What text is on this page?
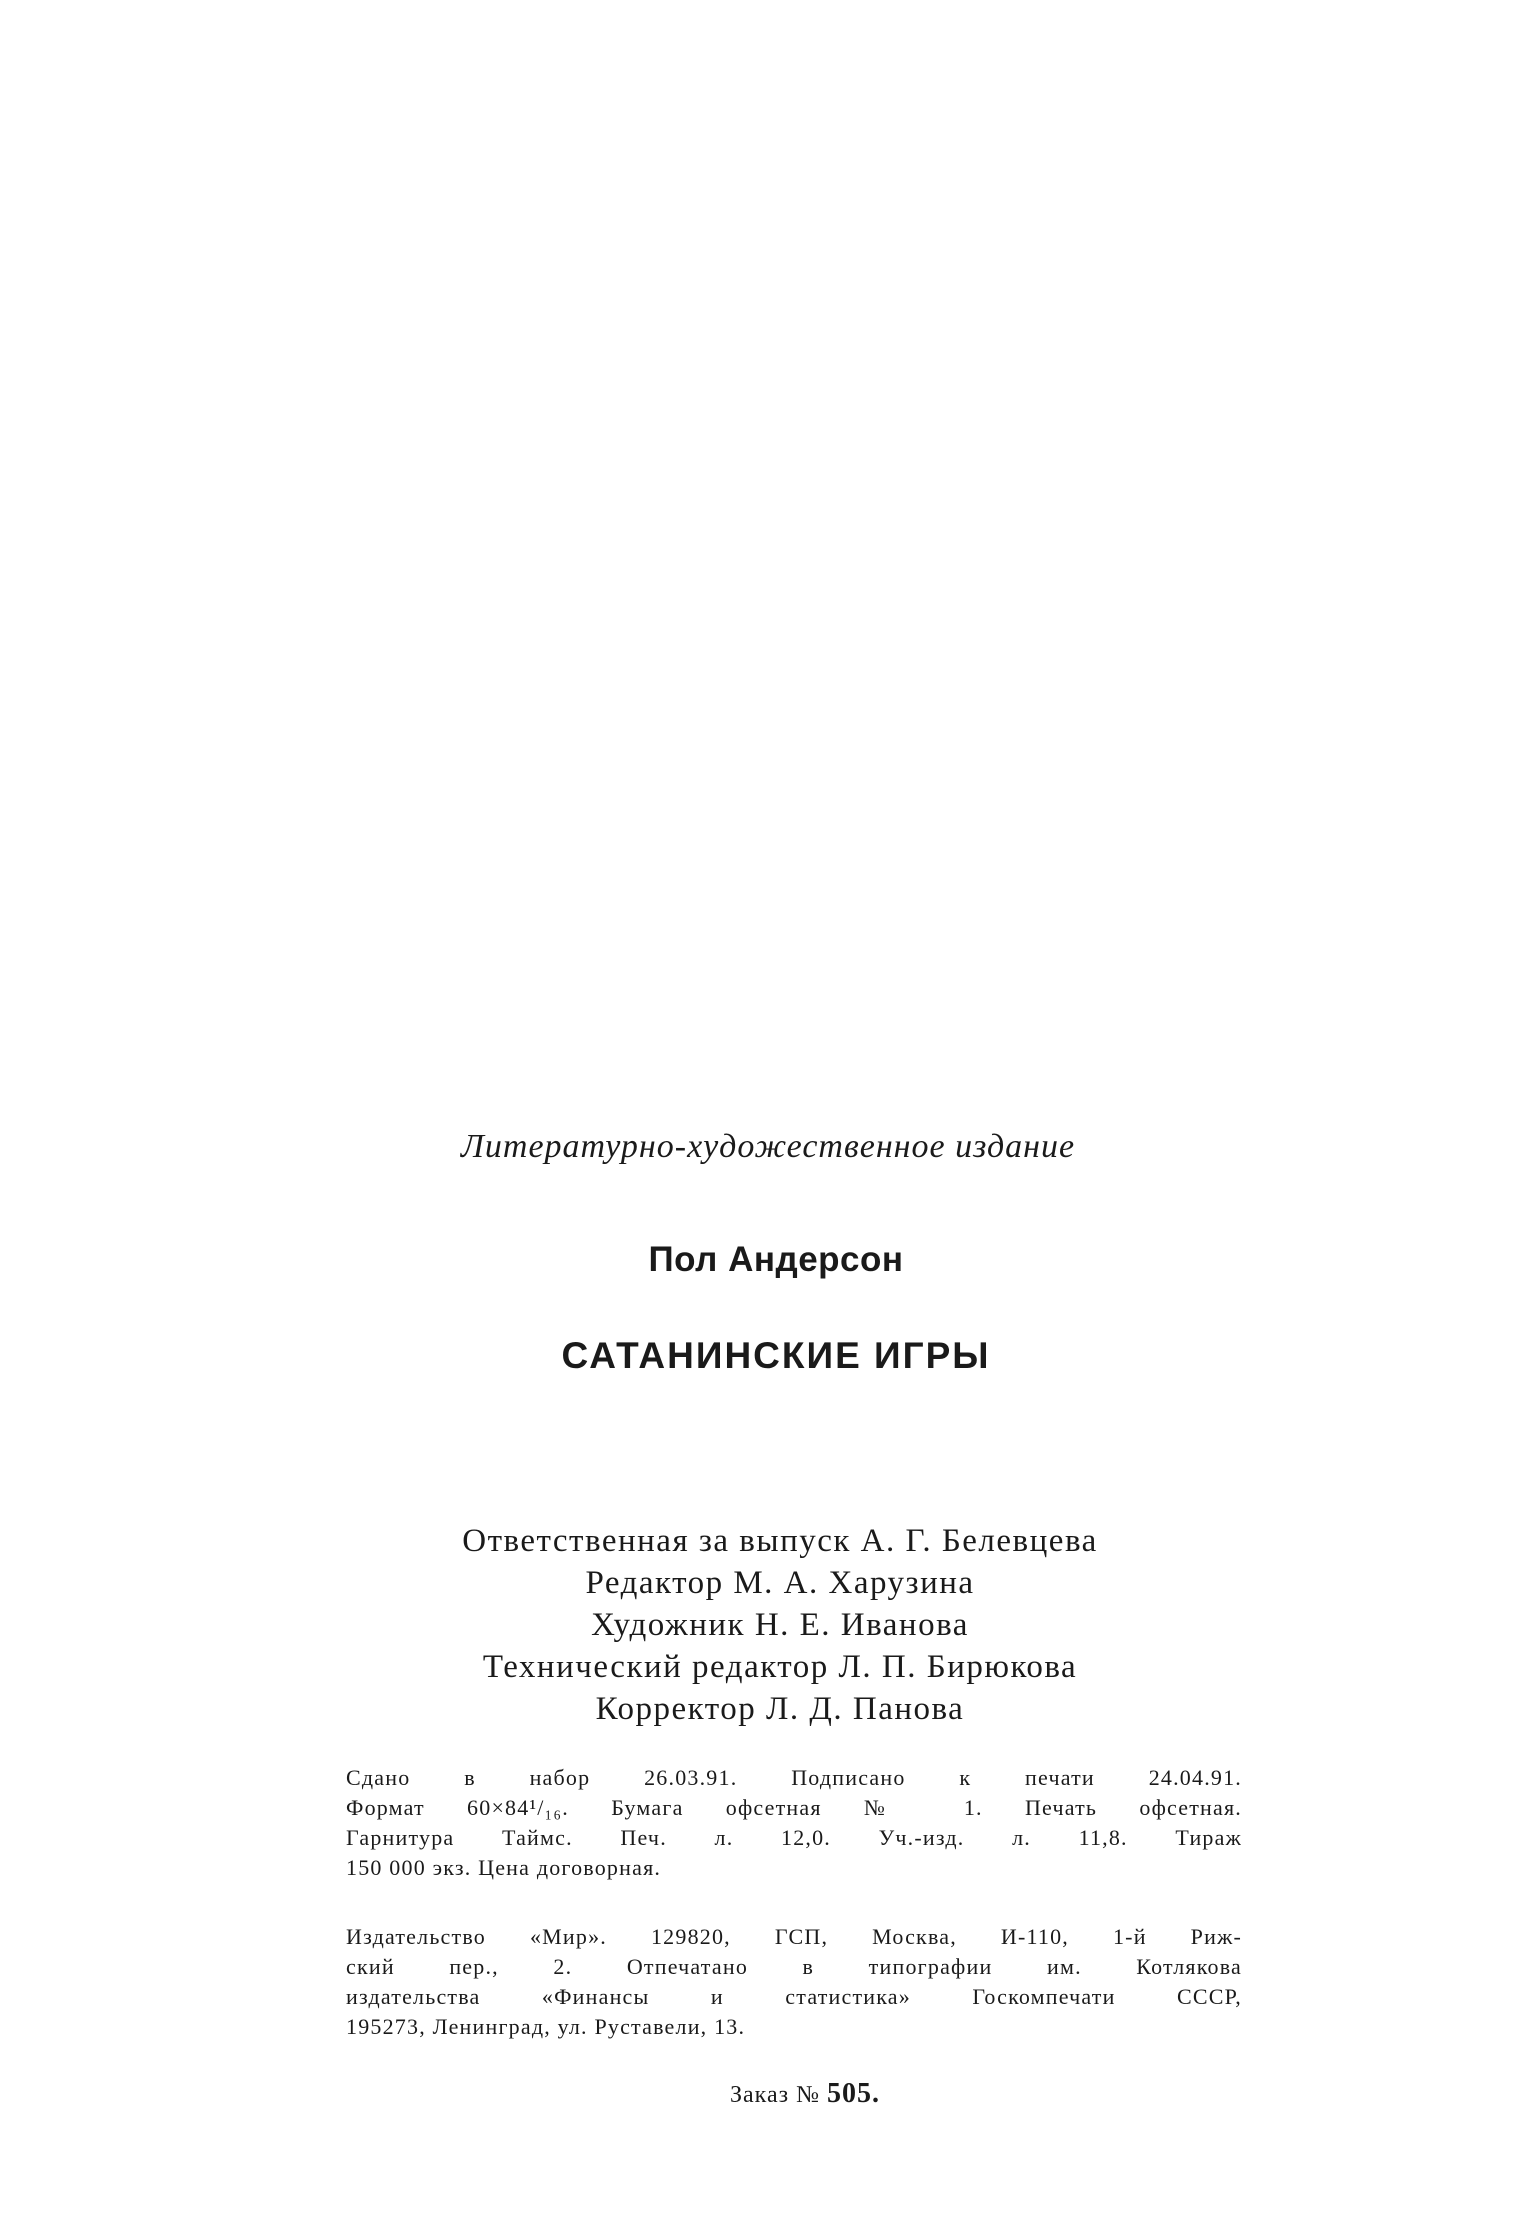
Литературно-художественное издание
Пол Андерсон
САТАНИНСКИЕ ИГРЫ
Ответственная за выпуск А. Г. Белевцева
Редактор М. А. Харузина
Художник Н. Е. Иванова
Технический редактор Л. П. Бирюкова
Корректор Л. Д. Панова
Сдано в набор 26.03.91. Подписано к печати 24.04.91.
Формат 60×84¹/₁₆. Бумага офсетная № 1. Печать офсетная.
Гарнитура Таймс. Печ. л. 12,0. Уч.-изд. л. 11,8. Тираж
150 000 экз. Цена договорная.
Издательство «Мир». 129820, ГСП, Москва, И-110, 1-й Риж-
ский пер., 2. Отпечатано в типографии им. Котлякова
издательства «Финансы и статистика» Госкомпечати СССР,
195273, Ленинград, ул. Руставели, 13.
Заказ № 505.
